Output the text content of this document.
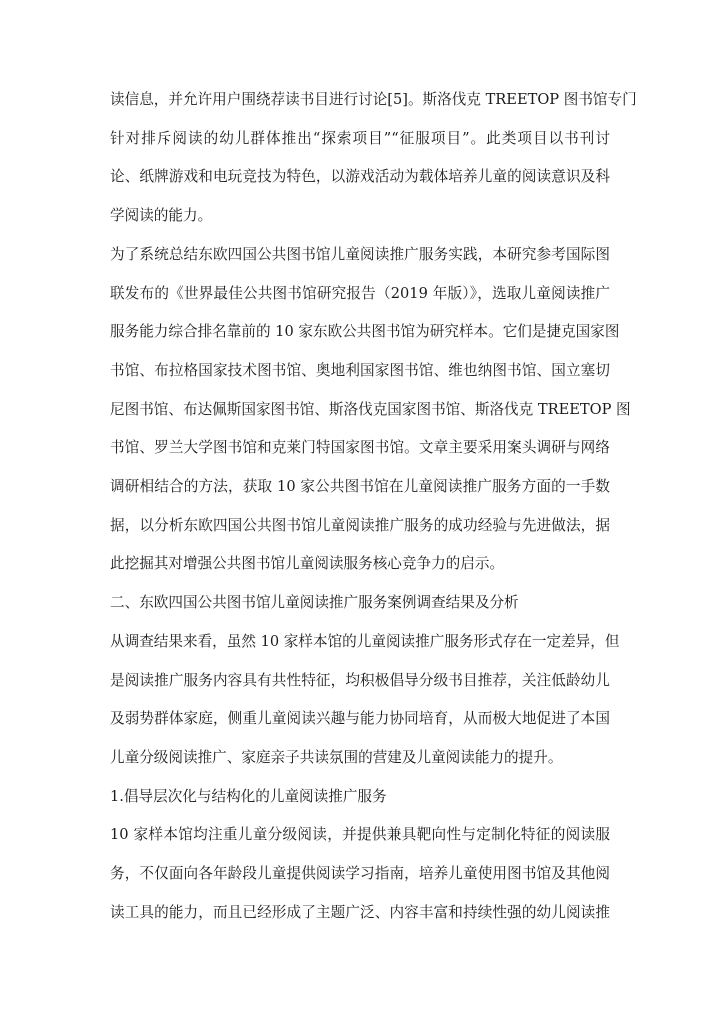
读信息，并允许用户围绕荐读书目进行讨论[5]。斯洛伐克 TREETOP 图书馆专门
针对排斥阅读的幼儿群体推出“探索项目”“征服项目”。此类项目以书刊讨
论、纸牌游戏和电玩竞技为特色，以游戏活动为载体培养儿童的阅读意识及科
学阅读的能力。
为了系统总结东欧四国公共图书馆儿童阅读推广服务实践，本研究参考国际图
联发布的《世界最佳公共图书馆研究报告（2019 年版）》，选取儿童阅读推广
服务能力综合排名靠前的 10 家东欧公共图书馆为研究样本。它们是捷克国家图
书馆、布拉格国家技术图书馆、奥地利国家图书馆、维也纳图书馆、国立塞切
尼图书馆、布达佩斯国家图书馆、斯洛伐克国家图书馆、斯洛伐克 TREETOP 图
书馆、罗兰大学图书馆和克莱门特国家图书馆。文章主要采用案头调研与网络
调研相结合的方法，获取 10 家公共图书馆在儿童阅读推广服务方面的一手数
据，以分析东欧四国公共图书馆儿童阅读推广服务的成功经验与先进做法，据
此挖掘其对增强公共图书馆儿童阅读服务核心竞争力的启示。
二、东欧四国公共图书馆儿童阅读推广服务案例调查结果及分析
从调查结果来看，虽然 10 家样本馆的儿童阅读推广服务形式存在一定差异，但
是阅读推广服务内容具有共性特征，均积极倡导分级书目推荐，关注低龄幼儿
及弱势群体家庭，侧重儿童阅读兴趣与能力协同培育，从而极大地促进了本国
儿童分级阅读推广、家庭亲子共读氛围的营建及儿童阅读能力的提升。
1.倡导层次化与结构化的儿童阅读推广服务
10 家样本馆均注重儿童分级阅读，并提供兼具靶向性与定制化特征的阅读服
务，不仅面向各年龄段儿童提供阅读学习指南，培养儿童使用图书馆及其他阅
读工具的能力，而且已经形成了主题广泛、内容丰富和持续性强的幼儿阅读推
